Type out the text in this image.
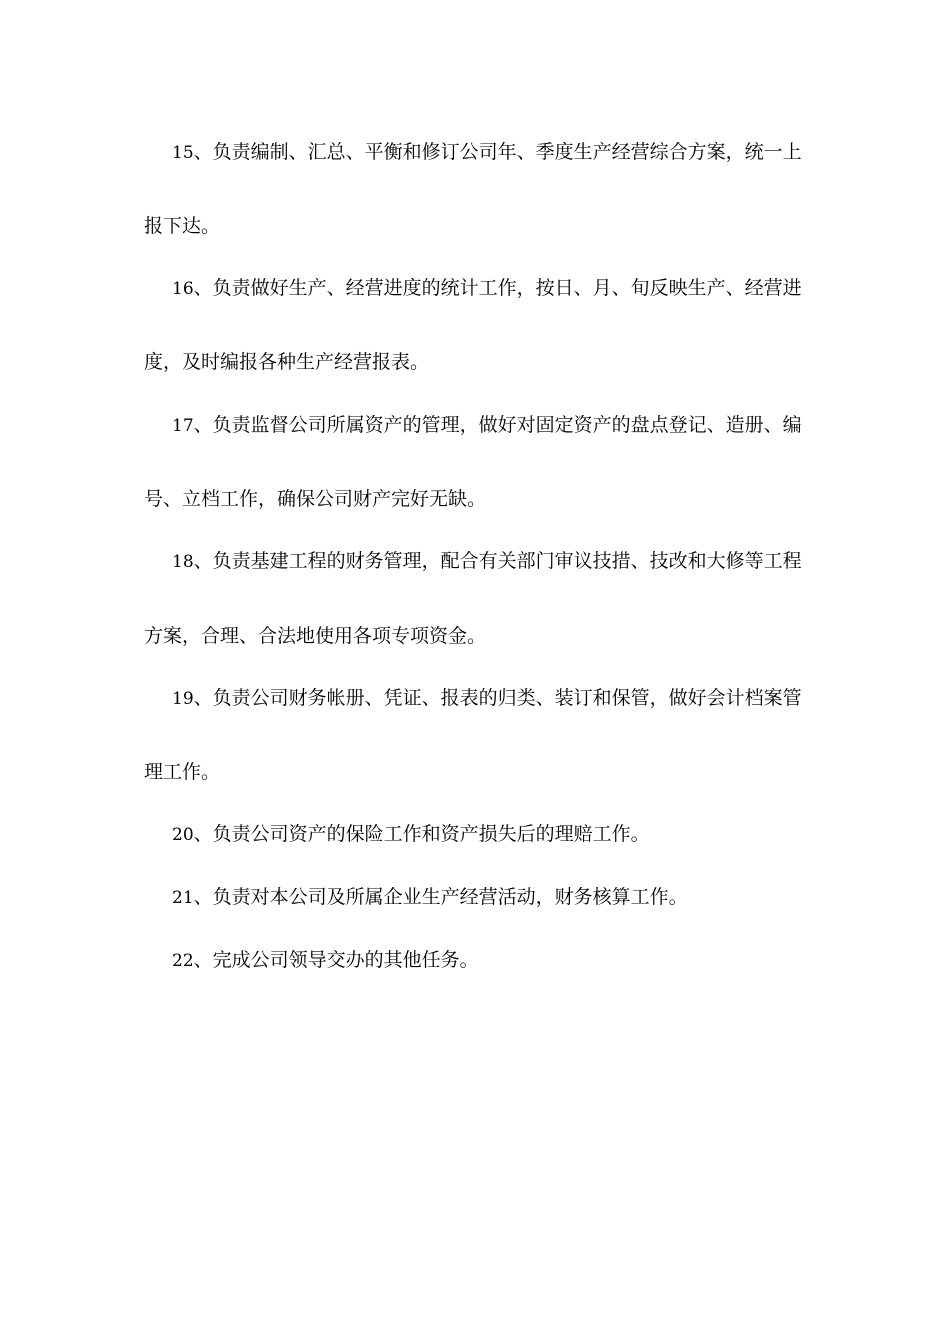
15、负责编制、汇总、平衡和修订公司年、季度生产经营综合方案，统一上
报下达。
16、负责做好生产、经营进度的统计工作，按日、月、旬反映生产、经营进
度，及时编报各种生产经营报表。
17、负责监督公司所属资产的管理，做好对固定资产的盘点登记、造册、编
号、立档工作，确保公司财产完好无缺。
18、负责基建工程的财务管理，配合有关部门审议技措、技改和大修等工程
方案，合理、合法地使用各项专项资金。
19、负责公司财务帐册、凭证、报表的归类、装订和保管，做好会计档案管
理工作。
20、负责公司资产的保险工作和资产损失后的理赔工作。
21、负责对本公司及所属企业生产经营活动，财务核算工作。
22、完成公司领导交办的其他任务。
